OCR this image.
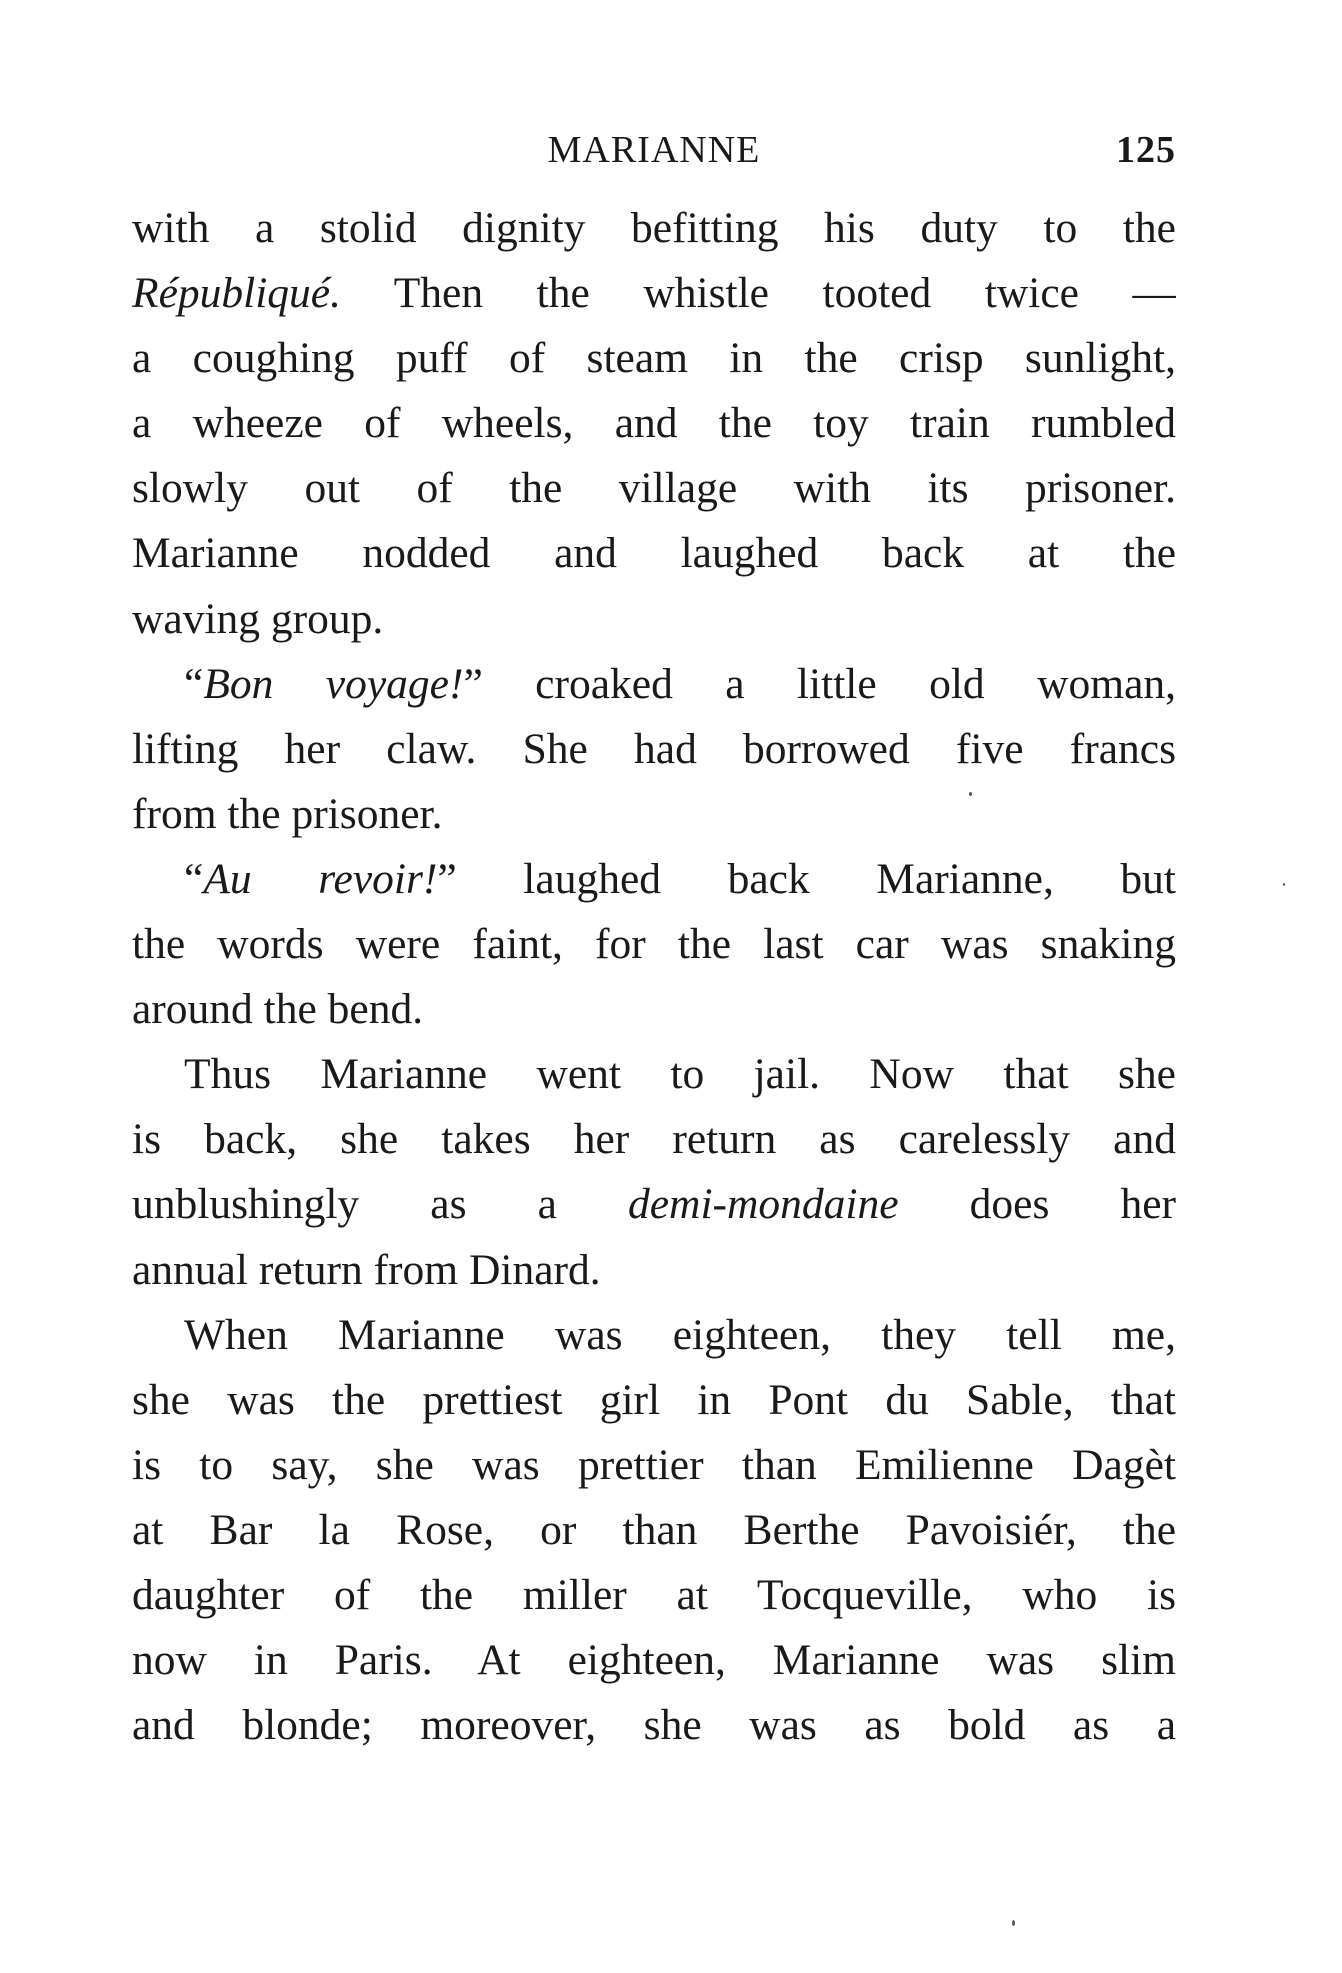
MARIANNE	125
with a stolid dignity befitting his duty to the
Républiqué. Then the whistle tooted twice —
a coughing puff of steam in the crisp sunlight,
a wheeze of wheels, and the toy train rumbled
slowly out of the village with its prisoner.
Marianne nodded and laughed back at the
waving group.
“Bon voyage!” croaked a little old woman,
lifting her claw. She had borrowed five francs
from the prisoner.
“Au revoir!” laughed back Marianne, but
the words were faint, for the last car was snaking
around the bend.
Thus Marianne went to jail. Now that she
is back, she takes her return as carelessly and
unblushingly as a demi-mondaine does her
annual return from Dinard.
When Marianne was eighteen, they tell me,
she was the prettiest girl in Pont du Sable, that
is to say, she was prettier than Emilienne Dagèt
at Bar la Rose, or than Berthe Pavoisiér, the
daughter of the miller at Tocqueville, who is
now in Paris. At eighteen, Marianne was slim
and blonde; moreover, she was as bold as a
